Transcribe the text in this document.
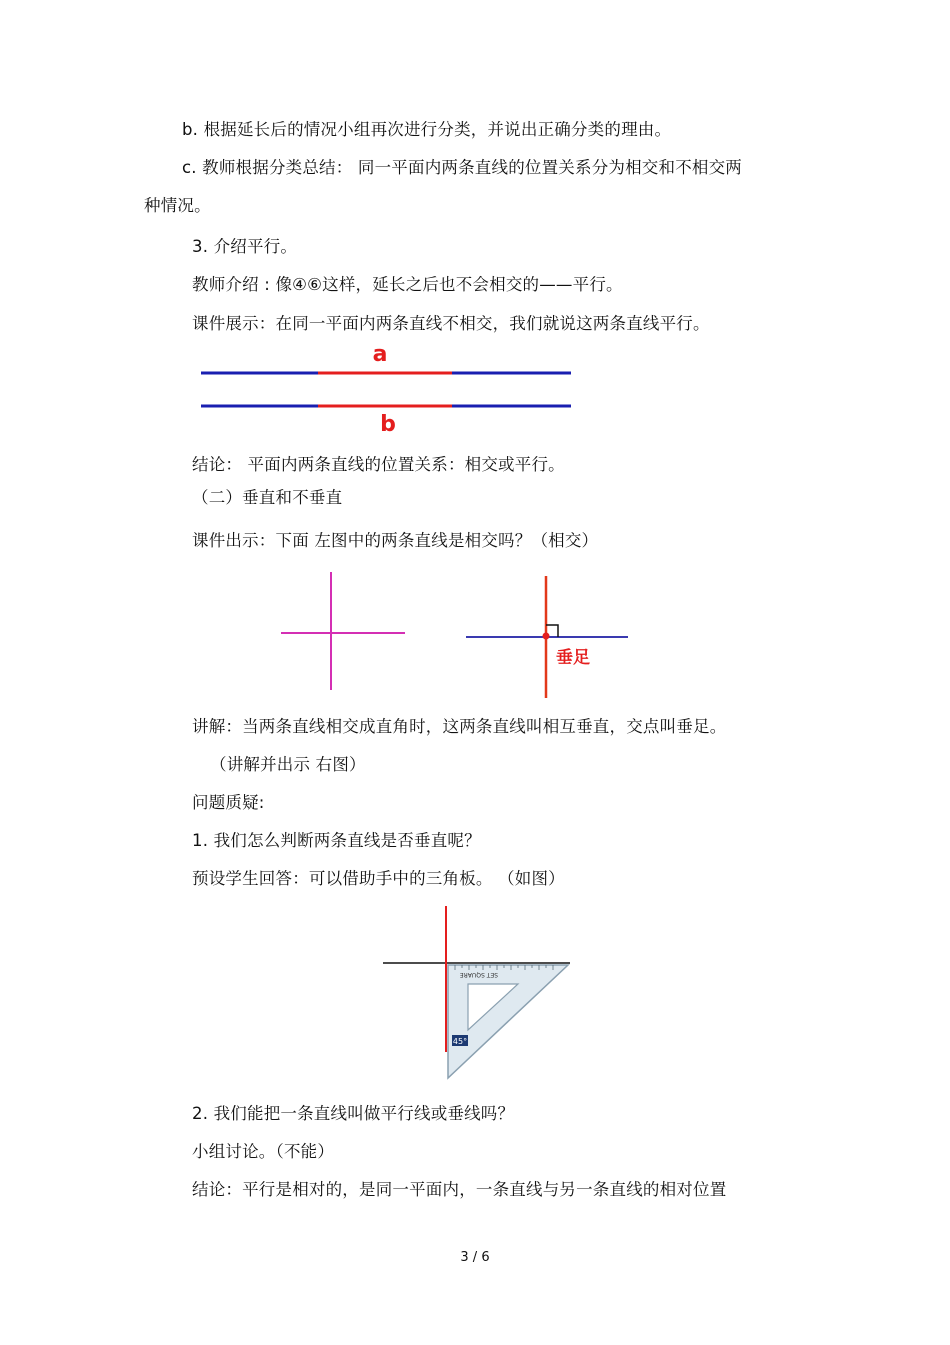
b. 根据延长后的情况小组再次进行分类，并说出正确分类的理由。
c. 教师根据分类总结： 同一平面内两条直线的位置关系分为相交和不相交两
种情况。
3. 介绍平行。
教师介绍 : 像④⑥这样，延长之后也不会相交的——平行。
课件展示：在同一平面内两条直线不相交，我们就说这两条直线平行。
a
b
结论： 平面内两条直线的位置关系：相交或平行。
（二）垂直和不垂直
课件出示：下面 左图中的两条直线是相交吗？（相交）
垂足
讲解：当两条直线相交成直角时，这两条直线叫相互垂直，交点叫垂足。
（讲解并出示 右图）
问题质疑:
1. 我们怎么判断两条直线是否垂直呢？
预设学生回答：可以借助手中的三角板。 （如图）
SET SQUARE
45°
2. 我们能把一条直线叫做平行线或垂线吗？
小组讨论。（不能）
结论：平行是相对的，是同一平面内，一条直线与另一条直线的相对位置
3 / 6
